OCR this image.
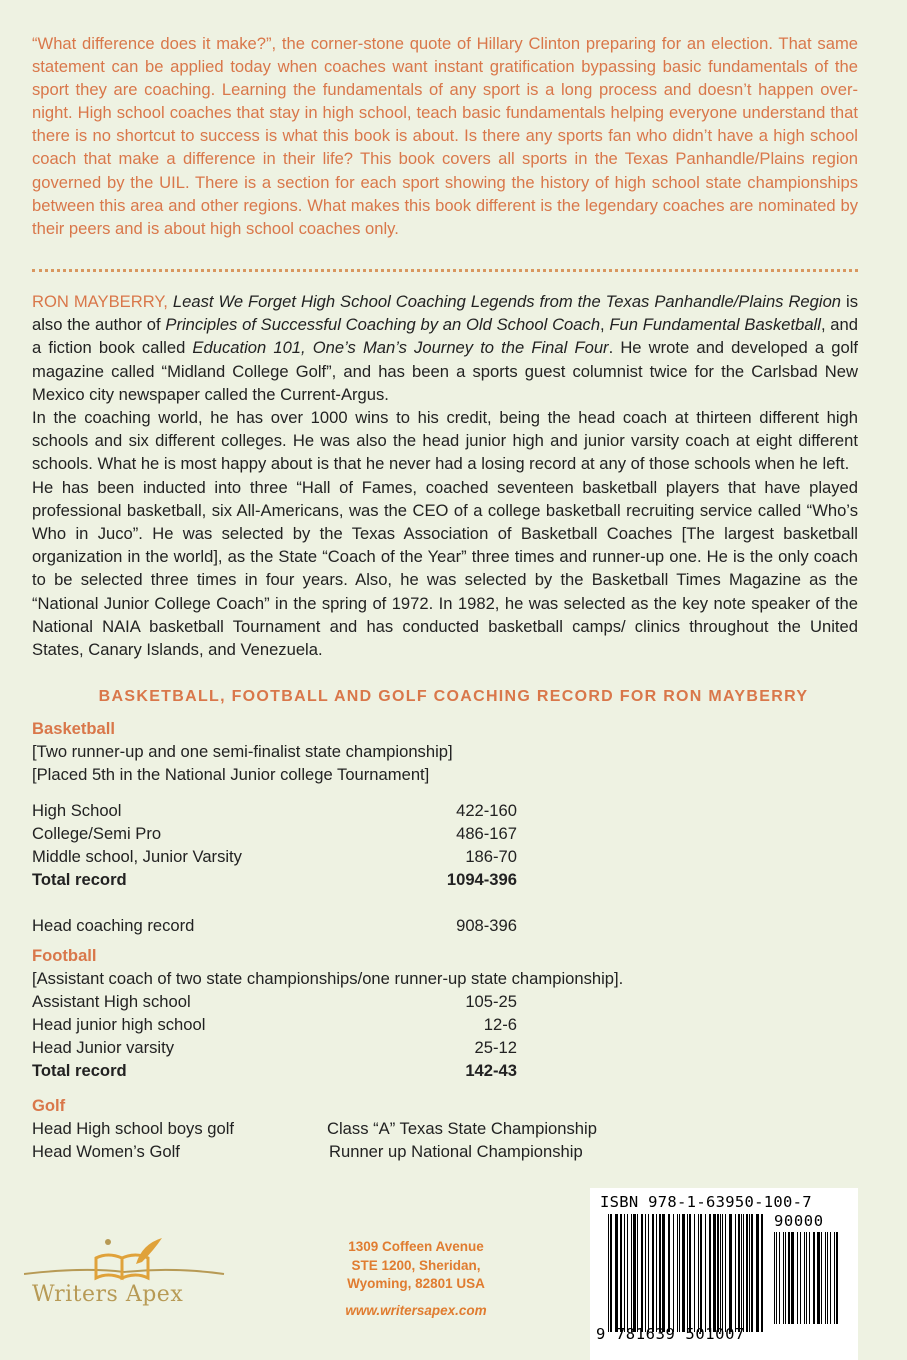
“What difference does it make?”, the corner-stone quote of Hillary Clinton preparing for an election. That same statement can be applied today when coaches want instant gratification bypassing basic fundamentals of the sport they are coaching. Learning the fundamentals of any sport is a long process and doesn’t happen over-night. High school coaches that stay in high school, teach basic fundamentals helping everyone understand that there is no shortcut to success is what this book is about. Is there any sports fan who didn’t have a high school coach that make a difference in their life? This book covers all sports in the Texas Panhandle/Plains region governed by the UIL. There is a section for each sport showing the history of high school state championships between this area and other regions. What makes this book different is the legendary coaches are nominated by their peers and is about high school coaches only.

RON MAYBERRY, Least We Forget High School Coaching Legends from the Texas Panhandle/Plains Region is also the author of Principles of Successful Coaching by an Old School Coach, Fun Fundamental Basketball, and a fiction book called Education 101, One’s Man’s Journey to the Final Four. He wrote and developed a golf magazine called “Midland College Golf”, and has been a sports guest columnist twice for the Carlsbad New Mexico city newspaper called the Current-Argus.

In the coaching world, he has over 1000 wins to his credit, being the head coach at thirteen different high schools and six different colleges. He was also the head junior high and junior varsity coach at eight different schools. What he is most happy about is that he never had a losing record at any of those schools when he left.

He has been inducted into three “Hall of Fames, coached seventeen basketball players that have played professional basketball, six All-Americans, was the CEO of a college basketball recruiting service called “Who’s Who in Juco”. He was selected by the Texas Association of Basketball Coaches [The largest basketball organization in the world], as the State “Coach of the Year” three times and runner-up one. He is the only coach to be selected three times in four years. Also, he was selected by the Basketball Times Magazine as the “National Junior College Coach” in the spring of 1972. In 1982, he was selected as the key note speaker of the National NAIA basketball Tournament and has conducted basketball camps/ clinics throughout the United States, Canary Islands, and Venezuela.

BASKETBALL, FOOTBALL AND GOLF COACHING RECORD FOR RON MAYBERRY
Basketball
[Two runner-up and one semi-finalist state championship]
[Placed 5th in the National Junior college Tournament]
High School	422-160
College/Semi Pro	486-167
Middle school, Junior Varsity	186-70
Total record	1094-396
Head coaching record	908-396
Football
[Assistant coach of two state championships/one runner-up state championship].
Assistant High school	105-25
Head junior high school	12-6
Head Junior varsity	25-12
Total record	142-43
Golf
Head High school boys golf	Class “A” Texas State Championship
Head Women’s Golf	Runner up National Championship
Writers Apex
1309 Coffeen Avenue
STE 1200, Sheridan,
Wyoming, 82801 USA
www.writersapex.com
ISBN 978-1-63950-100-7
90000
9 781639 501007
